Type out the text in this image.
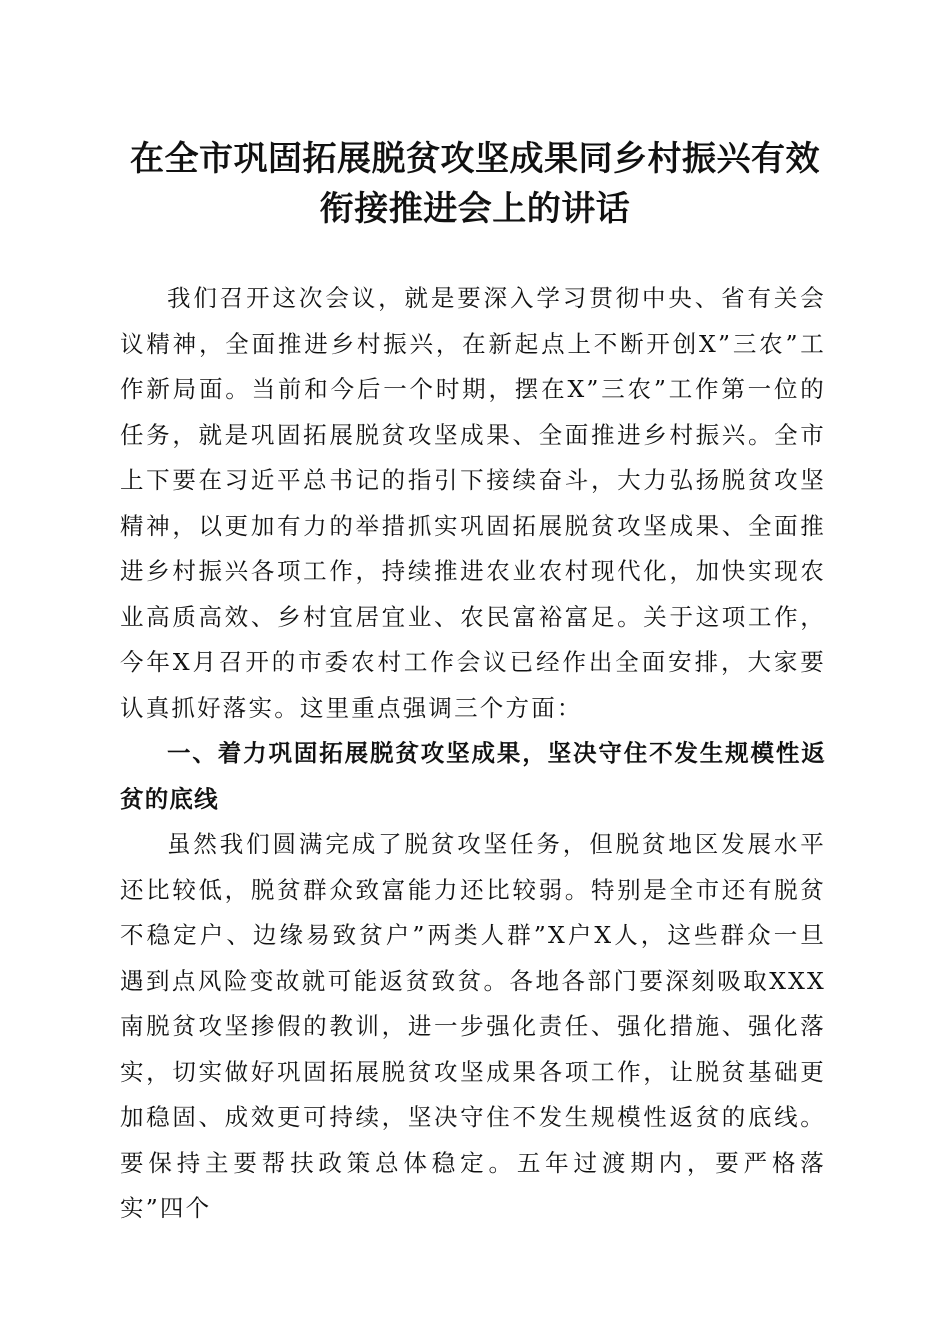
在全市巩固拓展脱贫攻坚成果同乡村振兴有效
衔接推进会上的讲话

我们召开这次会议，就是要深入学习贯彻中央、省有关会议精神，全面推进乡村振兴，在新起点上不断开创X”三农”工作新局面。当前和今后一个时期，摆在X”三农”工作第一位的任务，就是巩固拓展脱贫攻坚成果、全面推进乡村振兴。全市上下要在习近平总书记的指引下接续奋斗，大力弘扬脱贫攻坚精神，以更加有力的举措抓实巩固拓展脱贫攻坚成果、全面推进乡村振兴各项工作，持续推进农业农村现代化，加快实现农业高质高效、乡村宜居宜业、农民富裕富足。关于这项工作，今年X月召开的市委农村工作会议已经作出全面安排，大家要认真抓好落实。这里重点强调三个方面：

一、着力巩固拓展脱贫攻坚成果，坚决守住不发生规模性返贫的底线

虽然我们圆满完成了脱贫攻坚任务，但脱贫地区发展水平还比较低，脱贫群众致富能力还比较弱。特别是全市还有脱贫不稳定户、边缘易致贫户”两类人群”X户X人，这些群众一旦遇到点风险变故就可能返贫致贫。各地各部门要深刻吸取XXX南脱贫攻坚掺假的教训，进一步强化责任、强化措施、强化落实，切实做好巩固拓展脱贫攻坚成果各项工作，让脱贫基础更加稳固、成效更可持续，坚决守住不发生规模性返贫的底线。要保持主要帮扶政策总体稳定。五年过渡期内，要严格落实”四个
